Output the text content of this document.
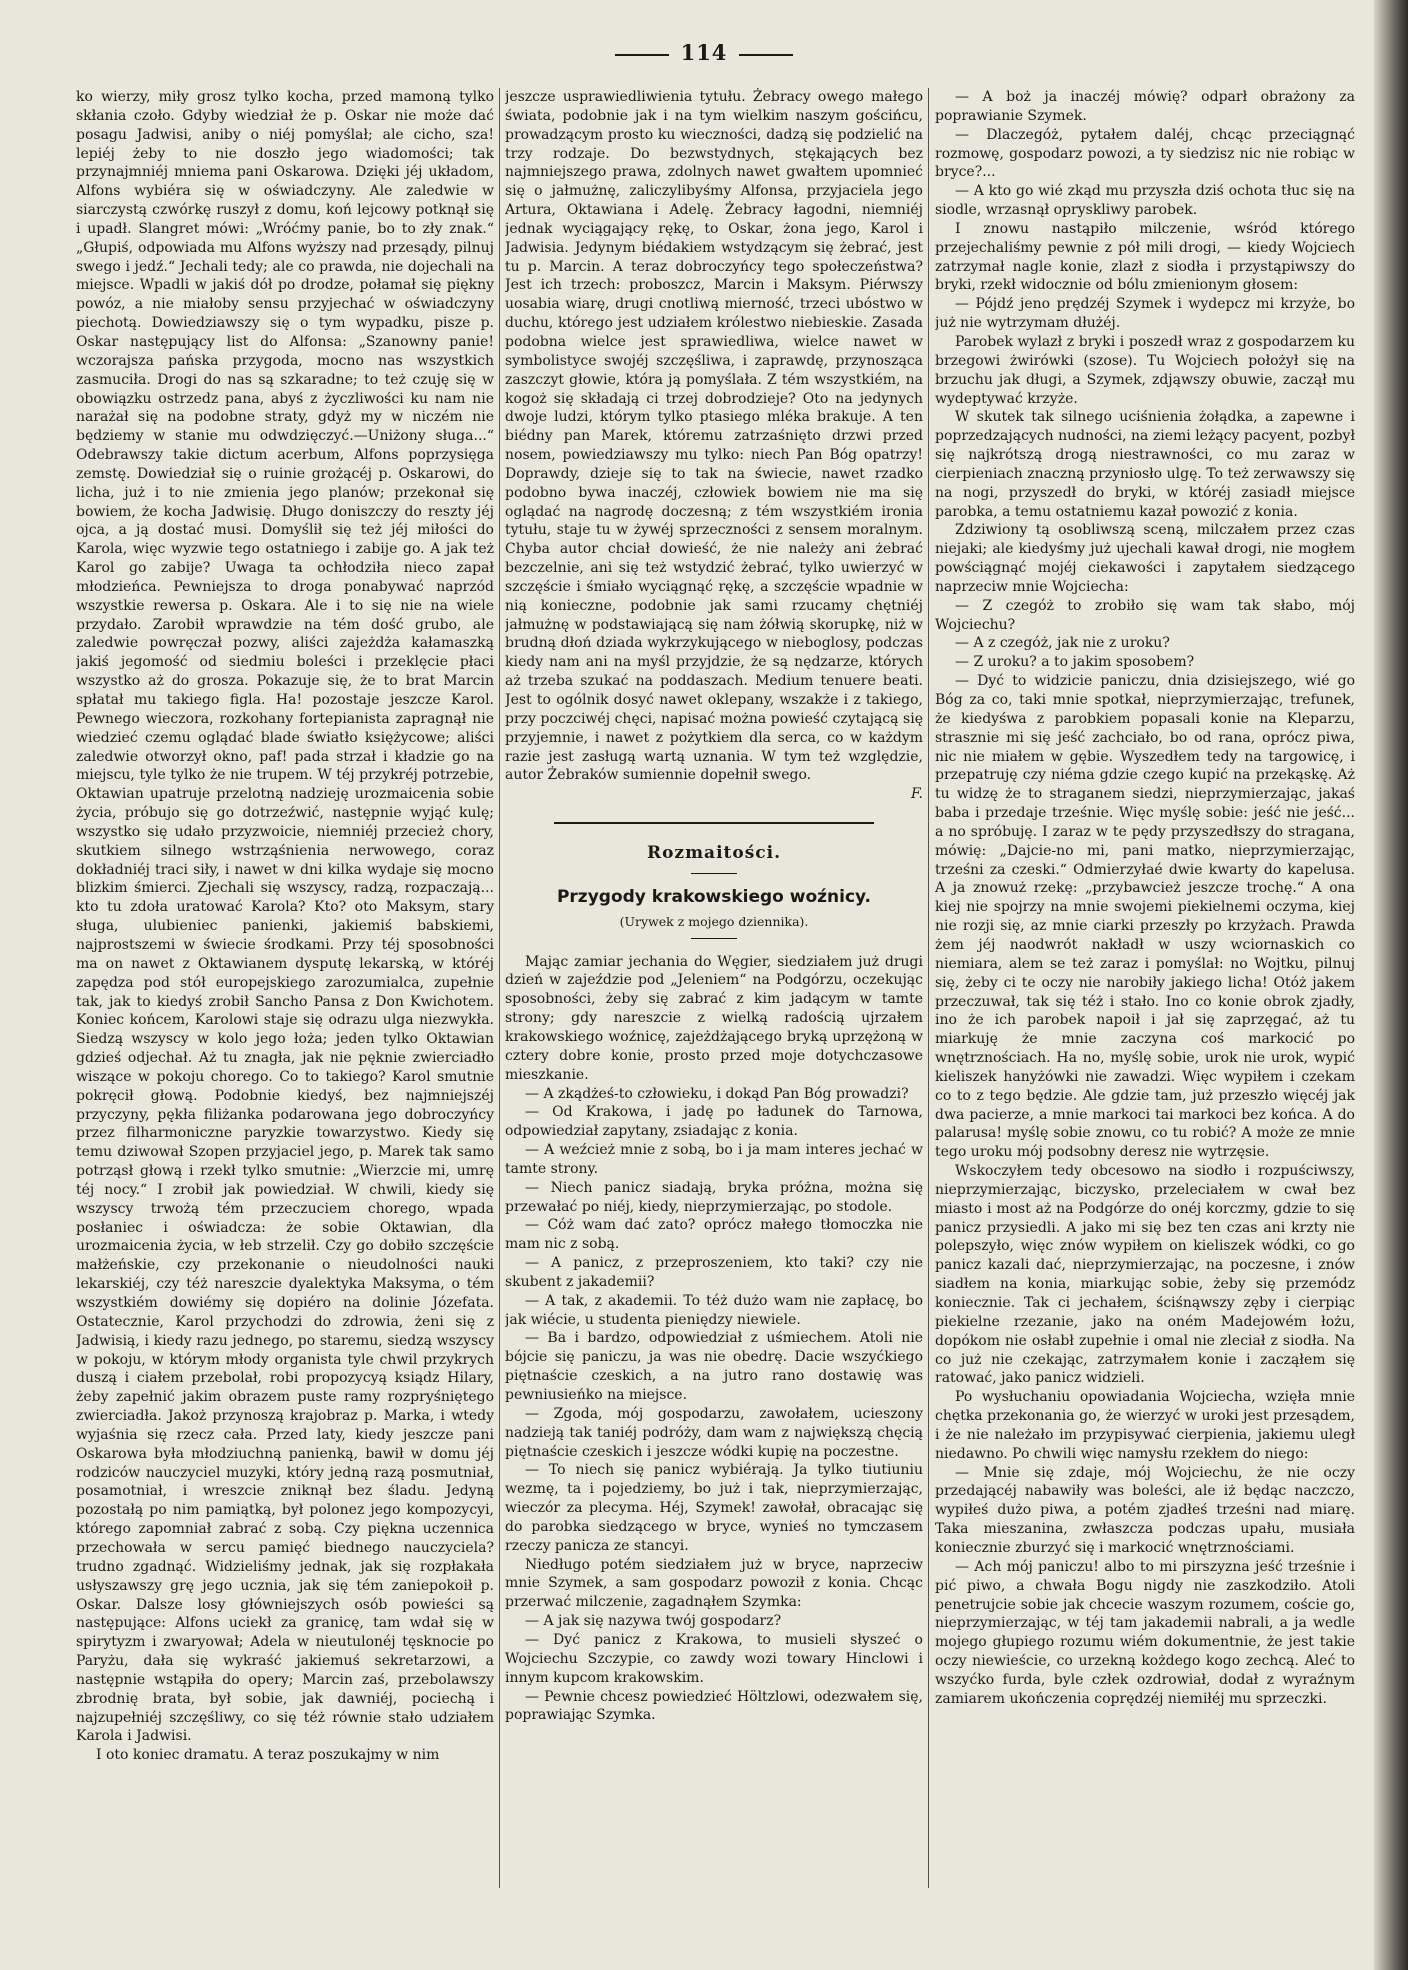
114

ko wierzy, miły grosz tylko kocha, przed mamoną tylko skłania czoło. Gdyby wiedział że p. Oskar nie może dać posagu Jadwisi, aniby o niéj pomyślał; ale cicho, sza! lepiéj żeby to nie doszło jego wiadomości; tak przynajmniéj mniema pani Oskarowa. Dzięki jéj układom, Alfons wybiéra się w oświadczyny. Ale zaledwie w siarczystą czwórkę ruszył z domu, koń lejcowy potknął się i upadł. Slangret mówi: „Wróćmy panie, bo to zły znak.“ „Głupiś, odpowiada mu Alfons wyższy nad przesądy, pilnuj swego i jedź.“ Jechali tedy; ale co prawda, nie dojechali na miejsce. Wpadli w jakiś dół po drodze, połamał się piękny powóz, a nie miałoby sensu przyjechać w oświadczyny piechotą. Dowiedziawszy się o tym wypadku, pisze p. Oskar następujący list do Alfonsa: „Szanowny panie! wczorajsza pańska przygoda, mocno nas wszystkich zasmuciła. Drogi do nas są szkaradne; to też czuję się w obowiązku ostrzedz pana, abyś z życzliwości ku nam nie narażał się na podobne straty, gdyż my w niczém nie będziemy w stanie mu odwdzięczyć.—Uniżony sługa...“ Odebrawszy takie dictum acerbum, Alfons poprzysięga zemstę. Dowiedział się o ruinie grożącéj p. Oskarowi, do licha, już i to nie zmienia jego planów; przekonał się bowiem, że kocha Jadwisię. Długo doniszczy do reszty jéj ojca, a ją dostać musi. Domyślił się też jéj miłości do Karola, więc wyzwie tego ostatniego i zabije go. A jak też Karol go zabije? Uwaga ta ochłodziła nieco zapał młodzieńca. Pewniejsza to droga ponabywać naprzód wszystkie rewersa p. Oskara. Ale i to się nie na wiele przydało. Zarobił wprawdzie na tém dość grubo, ale zaledwie powręczał pozwy, aliści zajeżdża kałamaszką jakiś jegomość od siedmiu boleści i przeklęcie płaci wszystko aż do grosza. Pokazuje się, że to brat Marcin spłatał mu takiego figla. Ha! pozostaje jeszcze Karol. Pewnego wieczora, rozkohany fortepianista zapragnął nie wiedzieć czemu oglądać blade światło księżycowe; aliści zaledwie otworzył okno, paf! pada strzał i kładzie go na miejscu, tyle tylko że nie trupem. W téj przykréj potrzebie, Oktawian upatruje przelotną nadzieję urozmaicenia sobie życia, próbujo się go dotrzeźwić, następnie wyjąć kulę; wszystko się udało przyzwoicie, niemniéj przecież chory, skutkiem silnego wstrząśnienia nerwowego, coraz dokładniéj traci siły, i nawet w dni kilka wydaje się mocno blizkim śmierci. Zjechali się wszyscy, radzą, rozpaczają... kto tu zdoła uratować Karola? Kto? oto Maksym, stary sługa, ulubieniec panienki, jakiemiś babskiemi, najprostszemi w świecie środkami. Przy téj sposobności ma on nawet z Oktawianem dysputę lekarską, w któréj zapędza pod stół europejskiego zarozumialca, zupełnie tak, jak to kiedyś zrobił Sancho Pansa z Don Kwichotem. Koniec końcem, Karolowi staje się odrazu ulga niezwykła. Siedzą wszyscy w kolo jego łoża; jeden tylko Oktawian gdzieś odjechał. Aż tu znagła, jak nie pęknie zwierciadło wiszące w pokoju chorego. Co to takiego? Karol smutnie pokręcił głową. Podobnie kiedyś, bez najmniejszéj przyczyny, pękła filiżanka podarowana jego dobroczyńcy przez filharmoniczne paryzkie towarzystwo. Kiedy się temu dziwował Szopen przyjaciel jego, p. Marek tak samo potrząsł głową i rzekł tylko smutnie: „Wierzcie mi, umrę téj nocy.“ I zrobił jak powiedział. W chwili, kiedy się wszyscy trwożą tém przeczuciem chorego, wpada posłaniec i oświadcza: że sobie Oktawian, dla urozmaicenia życia, w łeb strzelił. Czy go dobiło szczęście małżeńskie, czy przekonanie o nieudolności nauki lekarskiéj, czy téż nareszcie dyalektyka Maksyma, o tém wszystkiém dowiémy się dopiéro na dolinie Józefata. Ostatecznie, Karol przychodzi do zdrowia, żeni się z Jadwisią, i kiedy razu jednego, po staremu, siedzą wszyscy w pokoju, w którym młody organista tyle chwil przykrych duszą i ciałem przebolał, robi propozycyą ksiądz Hilary, żeby zapełnić jakim obrazem puste ramy rozpryśniętego zwierciadła. Jakoż przynoszą krajobraz p. Marka, i wtedy wyjaśnia się rzecz cała. Przed laty, kiedy jeszcze pani Oskarowa była młodziuchną panienką, bawił w domu jéj rodziców nauczyciel muzyki, który jedną razą posmutniał, posamotniał, i wreszcie zniknął bez śladu. Jedyną pozostałą po nim pamiątką, był polonez jego kompozycyi, którego zapomniał zabrać z sobą. Czy piękna uczennica przechowała w sercu pamięć biednego nauczyciela? trudno zgadnąć. Widzieliśmy jednak, jak się rozpłakała usłyszawszy grę jego ucznia, jak się tém zaniepokoił p. Oskar. Dalsze losy główniejszych osób powieści są następujące: Alfons uciekł za granicę, tam wdał się w spirytyzm i zwaryował; Adela w nieutulonéj tęsknocie po Paryżu, dała się wykraść jakiemuś sekretarzowi, a następnie wstąpiła do opery; Marcin zaś, przebolawszy zbrodnię brata, był sobie, jak dawniéj, pociechą i najzupełniéj szczęśliwy, co się téż równie stało udziałem Karola i Jadwisi.

I oto koniec dramatu. A teraz poszukajmy w nim

jeszcze usprawiedliwienia tytułu. Żebracy owego małego świata, podobnie jak i na tym wielkim naszym gościńcu, prowadzącym prosto ku wieczności, dadzą się podzielić na trzy rodzaje. Do bezwstydnych, stękających bez najmniejszego prawa, zdolnych nawet gwałtem upomnieć się o jałmużnę, zaliczylibyśmy Alfonsa, przyjaciela jego Artura, Oktawiana i Adelę. Żebracy łagodni, niemniéj jednak wyciągający rękę, to Oskar, żona jego, Karol i Jadwisia. Jedynym biédakiem wstydzącym się żebrać, jest tu p. Marcin. A teraz dobroczyńcy tego społeczeństwa? Jest ich trzech: proboszcz, Marcin i Maksym. Piérwszy uosabia wiarę, drugi cnotliwą mierność, trzeci ubóstwo w duchu, którego jest udziałem królestwo niebieskie. Zasada podobna wielce jest sprawiedliwa, wielce nawet w symbolistyce swojéj szczęśliwa, i zaprawdę, przynosząca zaszczyt głowie, która ją pomyślała. Z tém wszystkiém, na kogoż się składają ci trzej dobrodzieje? Oto na jedynych dwoje ludzi, którym tylko ptasiego mléka brakuje. A ten biédny pan Marek, któremu zatrzaśnięto drzwi przed nosem, powiedziawszy mu tylko: niech Pan Bóg opatrzy! Doprawdy, dzieje się to tak na świecie, nawet rzadko podobno bywa inaczéj, człowiek bowiem nie ma się oglądać na nagrodę doczesną; z tém wszystkiém ironia tytułu, staje tu w żywéj sprzeczności z sensem moralnym. Chyba autor chciał dowieść, że nie należy ani żebrać bezczelnie, ani się też wstydzić żebrać, tylko uwierzyć w szczęście i śmiało wyciągnąć rękę, a szczęście wpadnie w nią konieczne, podobnie jak sami rzucamy chętniéj jałmużnę w podstawiającą się nam żółwią skorupkę, niż w brudną dłoń dziada wykrzykującego w nieboglosy, podczas kiedy nam ani na myśl przyjdzie, że są nędzarze, których aż trzeba szukać na poddaszach. Medium tenuere beati. Jest to ogólnik dosyć nawet oklepany, wszakże i z takiego, przy poczciwéj chęci, napisać można powieść czytającą się przyjemnie, i nawet z pożytkiem dla serca, co w każdym razie jest zasługą wartą uznania. W tym też względzie, autor Żebraków sumiennie dopełnił swego.

F.
Rozmaitości.
Przygody krakowskiego woźnicy.
(Urywek z mojego dziennika).

Mając zamiar jechania do Węgier, siedziałem już drugi dzień w zajeździe pod „Jeleniem“ na Podgórzu, oczekując sposobności, żeby się zabrać z kim jadącym w tamte strony; gdy nareszcie z wielką radością ujrzałem krakowskiego woźnicę, zajeżdżającego bryką uprzężoną w cztery dobre konie, prosto przed moje dotychczasowe mieszkanie.

— A zkądżeś-to człowieku, i dokąd Pan Bóg prowadzi?

— Od Krakowa, i jadę po ładunek do Tarnowa, odpowiedział zapytany, zsiadając z konia.

— A weźcież mnie z sobą, bo i ja mam interes jechać w tamte strony.

— Niech panicz siadają, bryka próżna, można się przewałać po niéj, kiedy, nieprzymierzając, po stodole.

— Cóż wam dać zato? oprócz małego tłomoczka nie mam nic z sobą.

— A panicz, z przeproszeniem, kto taki? czy nie skubent z jakademii?

— A tak, z akademii. To téż dużo wam nie zapłacę, bo jak wiécie, u studenta pieniędzy niewiele.

— Ba i bardzo, odpowiedział z uśmiechem. Atoli nie bójcie się paniczu, ja was nie obedrę. Dacie wszyćkiego piętnaście czeskich, a na jutro rano dostawię was pewniusieńko na miejsce.

— Zgoda, mój gospodarzu, zawołałem, ucieszony nadzieją tak taniéj podróży, dam wam z największą chęcią piętnaście czeskich i jeszcze wódki kupię na poczestne.

— To niech się panicz wybiérają. Ja tylko tiutiuniu wezmę, ta i pojedziemy, bo już i tak, nieprzymierzając, wieczór za plecyma. Héj, Szymek! zawołał, obracając się do parobka siedzącego w bryce, wynieś no tymczasem rzeczy panicza ze stancyi.

Niedługo potém siedziałem już w bryce, naprzeciw mnie Szymek, a sam gospodarz powoził z konia. Chcąc przerwać milczenie, zagadnąłem Szymka:

— A jak się nazywa twój gospodarz?

— Dyć panicz z Krakowa, to musieli słyszeć o Wojciechu Szczypie, co zawdy wozi towary Hinclowi i innym kupcom krakowskim.

— Pewnie chcesz powiedzieć Höltzlowi, odezwałem się, poprawiając Szymka.

— A boż ja inaczéj mówię? odparł obrażony za poprawianie Szymek.

— Dlaczegóż, pytałem daléj, chcąc przeciągnąć rozmowę, gospodarz powozi, a ty siedzisz nic nie robiąc w bryce?...

— A kto go wié zkąd mu przyszła dziś ochota tłuc się na siodle, wrzasnął opryskliwy parobek.

I znowu nastąpiło milczenie, wśród którego przejechaliśmy pewnie z pół mili drogi, — kiedy Wojciech zatrzymał nagle konie, zlazł z siodła i przystąpiwszy do bryki, rzekł widocznie od bólu zmienionym głosem:

— Pójdź jeno prędzéj Szymek i wydepcz mi krzyże, bo już nie wytrzymam dłużéj.

Parobek wylazł z bryki i poszedł wraz z gospodarzem ku brzegowi żwirówki (szose). Tu Wojciech położył się na brzuchu jak długi, a Szymek, zdjąwszy obuwie, zaczął mu wydeptywać krzyże.

W skutek tak silnego uciśnienia żołądka, a zapewne i poprzedzających nudności, na ziemi leżący pacyent, pozbył się najkrótszą drogą niestrawności, co mu zaraz w cierpieniach znaczną przyniosło ulgę. To też zerwawszy się na nogi, przyszedł do bryki, w któréj zasiadł miejsce parobka, a temu ostatniemu kazał powozić z konia.

Zdziwiony tą osobliwszą sceną, milczałem przez czas niejaki; ale kiedyśmy już ujechali kawał drogi, nie mogłem powściągnąć mojéj ciekawości i zapytałem siedzącego naprzeciw mnie Wojciecha:

— Z czegóż to zrobiło się wam tak słabo, mój Wojciechu?

— A z czegóż, jak nie z uroku?

— Z uroku? a to jakim sposobem?

— Dyć to widzicie paniczu, dnia dzisiejszego, wié go Bóg za co, taki mnie spotkał, nieprzymierzając, trefunek, że kiedyśwa z parobkiem popasali konie na Kleparzu, strasznie mi się jeść zachciało, bo od rana, oprócz piwa, nic nie miałem w gębie. Wyszedłem tedy na targowicę, i przepatruję czy niéma gdzie czego kupić na przekąskę. Aż tu widzę że to straganem siedzi, nieprzymierzając, jakaś baba i przedaje trześnie. Więc myślę sobie: jeść nie jeść... a no spróbuję. I zaraz w te pędy przyszedłszy do stragana, mówię: „Dajcie-no mi, pani matko, nieprzymierzając, trześni za czeski.“ Odmierzyłaé dwie kwarty do kapelusa. A ja znowuż rzekę: „przybawcież jeszcze trochę.“ A ona kiej nie spojrzy na mnie swojemi piekielnemi oczyma, kiej nie rozji się, az mnie ciarki przeszły po krzyżach. Prawda żem jéj naodwrót nakładł w uszy wciornaskich co niemiara, alem se też zaraz i pomyślał: no Wojtku, pilnuj się, żeby ci te oczy nie narobiły jakiego licha! Otóż jakem przeczuwał, tak się téż i stało. Ino co konie obrok zjadły, ino że ich parobek napoił i jał się zaprzęgać, aż tu miarkuję że mnie zaczyna coś markocić po wnętrznościach. Ha no, myślę sobie, urok nie urok, wypić kieliszek hanyżówki nie zawadzi. Więc wypiłem i czekam co to z tego będzie. Ale gdzie tam, już przeszło więcéj jak dwa pacierze, a mnie markoci tai markoci bez końca. A do palarusa! myślę sobie znowu, co tu robić? A może ze mnie tego uroku mój podsobny deresz nie wytrzęsie.

Wskoczyłem tedy obcesowo na siodło i rozpuściwszy, nieprzymierzając, biczysko, przeleciałem w cwał bez miasto i most aż na Podgórze do onéj korczmy, gdzie to się panicz przysiedli. A jako mi się bez ten czas ani krzty nie polepszyło, więc znów wypiłem on kieliszek wódki, co go panicz kazali dać, nieprzymierzając, na poczesne, i znów siadłem na konia, miarkując sobie, żeby się przemódz koniecznie. Tak ci jechałem, ściśnąwszy zęby i cierpiąc piekielne rzezanie, jako na oném Madejowém łożu, dopókom nie osłabł zupełnie i omal nie zleciał z siodła. Na co już nie czekając, zatrzymałem konie i zacząłem się ratować, jako panicz widzieli.

Po wysłuchaniu opowiadania Wojciecha, wzięła mnie chętka przekonania go, że wierzyć w uroki jest przesądem, i że nie należało im przypisywać cierpienia, jakiemu uległ niedawno. Po chwili więc namysłu rzekłem do niego:

— Mnie się zdaje, mój Wojciechu, że nie oczy przedającéj nabawiły was boleści, ale iż będąc naczczo, wypiłeś dużo piwa, a potém zjadłeś trześni nad miarę. Taka mieszanina, zwłaszcza podczas upału, musiała koniecznie zburzyć się i markocić wnętrznościami.

— Ach mój paniczu! albo to mi pirszyzna jeść trześnie i pić piwo, a chwała Bogu nigdy nie zaszkodziło. Atoli penetrujcie sobie jak chcecie waszym rozumem, coście go, nieprzymierzając, w téj tam jakademii nabrali, a ja wedle mojego głupiego rozumu wiém dokumentnie, że jest takie oczy niewieście, co urzekną kożdego kogo zechcą. Aleć to wszyćko furda, byle człek ozdrowiał, dodał z wyraźnym zamiarem ukończenia coprędzéj niemiłéj mu sprzeczki.
